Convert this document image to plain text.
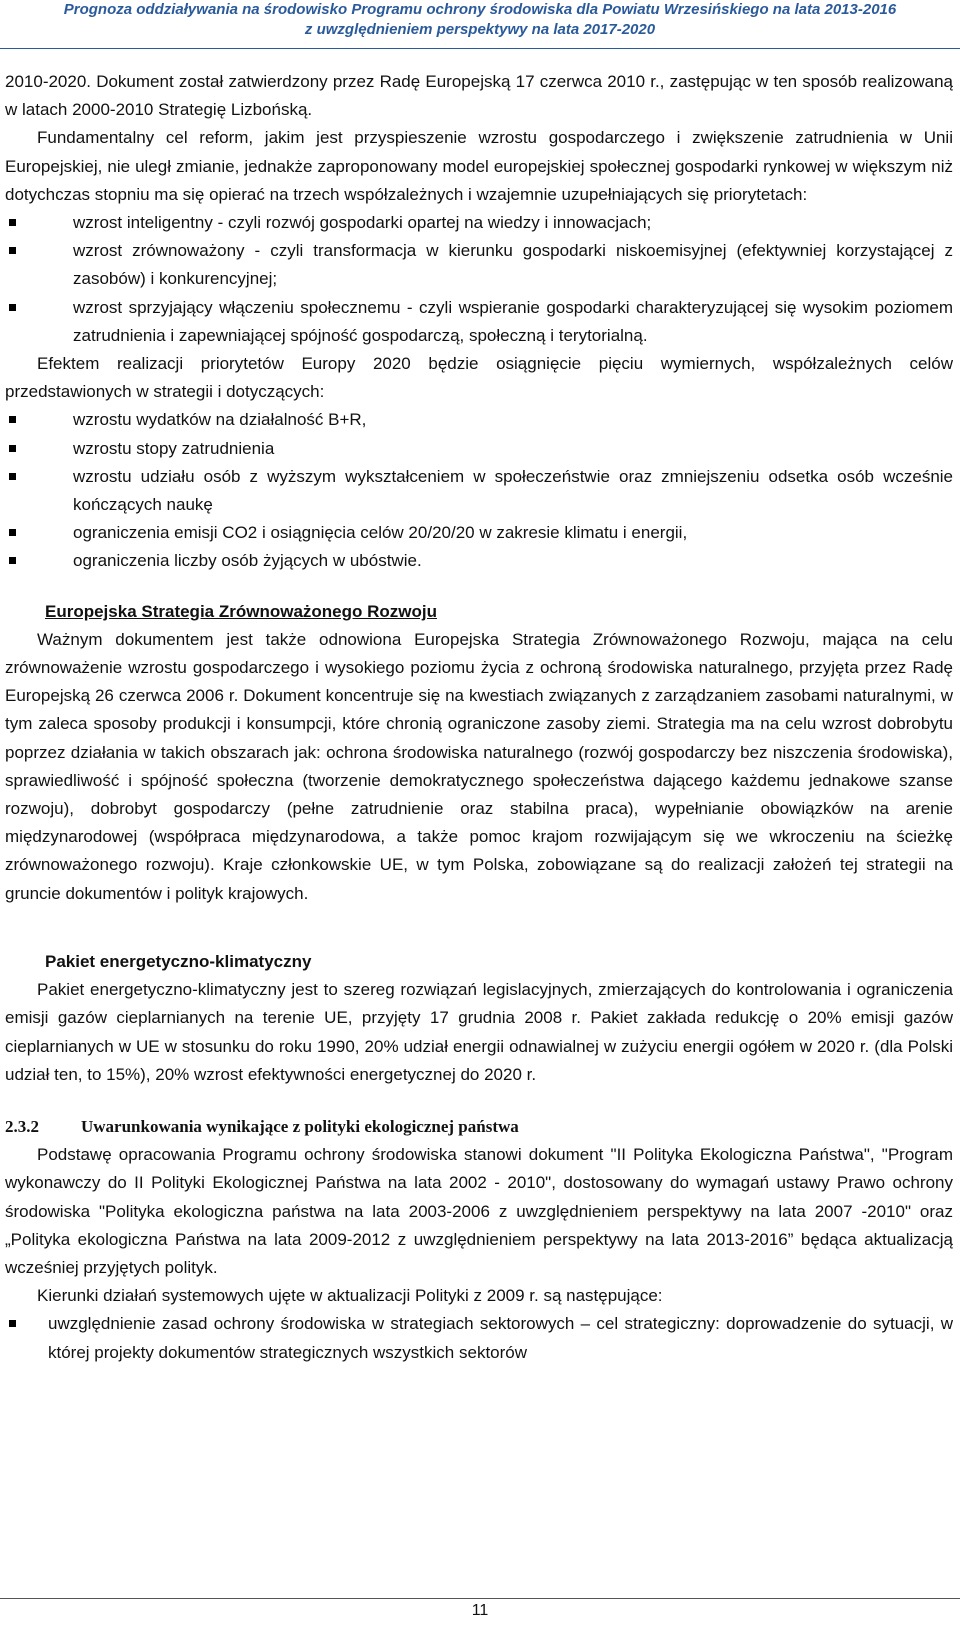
Prognoza oddziaływania na środowisko Programu ochrony środowiska dla Powiatu Wrzesińskiego na lata 2013-2016
z uwzględnieniem perspektywy na lata 2017-2020

2010-2020. Dokument został zatwierdzony przez Radę Europejską 17 czerwca 2010 r., zastępując w ten sposób realizowaną w latach 2000-2010 Strategię Lizbońską.

Fundamentalny cel reform, jakim jest przyspieszenie wzrostu gospodarczego i zwiększenie zatrudnienia w Unii Europejskiej, nie uległ zmianie, jednakże zaproponowany model europejskiej społecznej gospodarki rynkowej w większym niż dotychczas stopniu ma się opierać na trzech współzależnych i wzajemnie uzupełniających się priorytetach:

wzrost inteligentny - czyli rozwój gospodarki opartej na wiedzy i innowacjach;
wzrost zrównoważony - czyli transformacja w kierunku gospodarki niskoemisyjnej (efektywniej korzystającej z zasobów) i konkurencyjnej;
wzrost sprzyjający włączeniu społecznemu - czyli wspieranie gospodarki charakteryzującej się wysokim poziomem zatrudnienia i zapewniającej spójność gospodarczą, społeczną i terytorialną.

Efektem realizacji priorytetów Europy 2020 będzie osiągnięcie pięciu wymiernych, współzależnych celów przedstawionych w strategii i dotyczących:

wzrostu wydatków na działalność B+R,
wzrostu stopy zatrudnienia
wzrostu udziału osób z wyższym wykształceniem w społeczeństwie oraz zmniejszeniu odsetka osób wcześnie kończących naukę
ograniczenia emisji CO2 i osiągnięcia celów 20/20/20 w zakresie klimatu i energii,
ograniczenia liczby osób żyjących w ubóstwie.
Europejska Strategia Zrównoważonego Rozwoju

Ważnym dokumentem jest także odnowiona Europejska Strategia Zrównoważonego Rozwoju, mająca na celu zrównoważenie wzrostu gospodarczego i wysokiego poziomu życia z ochroną środowiska naturalnego, przyjęta przez Radę Europejską 26 czerwca 2006 r. Dokument koncentruje się na kwestiach związanych z zarządzaniem zasobami naturalnymi, w tym zaleca sposoby produkcji i konsumpcji, które chronią ograniczone zasoby ziemi. Strategia ma na celu wzrost dobrobytu poprzez działania w takich obszarach jak: ochrona środowiska naturalnego (rozwój gospodarczy bez niszczenia środowiska), sprawiedliwość i spójność społeczna (tworzenie demokratycznego społeczeństwa dającego każdemu jednakowe szanse rozwoju), dobrobyt gospodarczy (pełne zatrudnienie oraz stabilna praca), wypełnianie obowiązków na arenie międzynarodowej (współpraca międzynarodowa, a także pomoc krajom rozwijającym się we wkroczeniu na ścieżkę zrównoważonego rozwoju). Kraje członkowskie UE, w tym Polska, zobowiązane są do realizacji założeń tej strategii na gruncie dokumentów i polityk krajowych.

Pakiet energetyczno-klimatyczny

Pakiet energetyczno-klimatyczny jest to szereg rozwiązań legislacyjnych, zmierzających do kontrolowania i ograniczenia emisji gazów cieplarnianych na terenie UE, przyjęty 17 grudnia 2008 r. Pakiet zakłada redukcję o 20% emisji gazów cieplarnianych w UE w stosunku do roku 1990, 20% udział energii odnawialnej w zużyciu energii ogółem w 2020 r. (dla Polski udział ten, to 15%), 20% wzrost efektywności energetycznej do 2020 r.

2.3.2 Uwarunkowania wynikające z polityki ekologicznej państwa

Podstawę opracowania Programu ochrony środowiska stanowi dokument "II Polityka Ekologiczna Państwa", "Program wykonawczy do II Polityki Ekologicznej Państwa na lata 2002 - 2010", dostosowany do wymagań ustawy Prawo ochrony środowiska "Polityka ekologiczna państwa na lata 2003-2006 z uwzględnieniem perspektywy na lata 2007 -2010" oraz „Polityka ekologiczna Państwa na lata 2009-2012 z uwzględnieniem perspektywy na lata 2013-2016” będąca aktualizacją wcześniej przyjętych polityk.

Kierunki działań systemowych ujęte w aktualizacji Polityki z 2009 r. są następujące:

uwzględnienie zasad ochrony środowiska w strategiach sektorowych – cel strategiczny: doprowadzenie do sytuacji, w której projekty dokumentów strategicznych wszystkich sektorów
11
